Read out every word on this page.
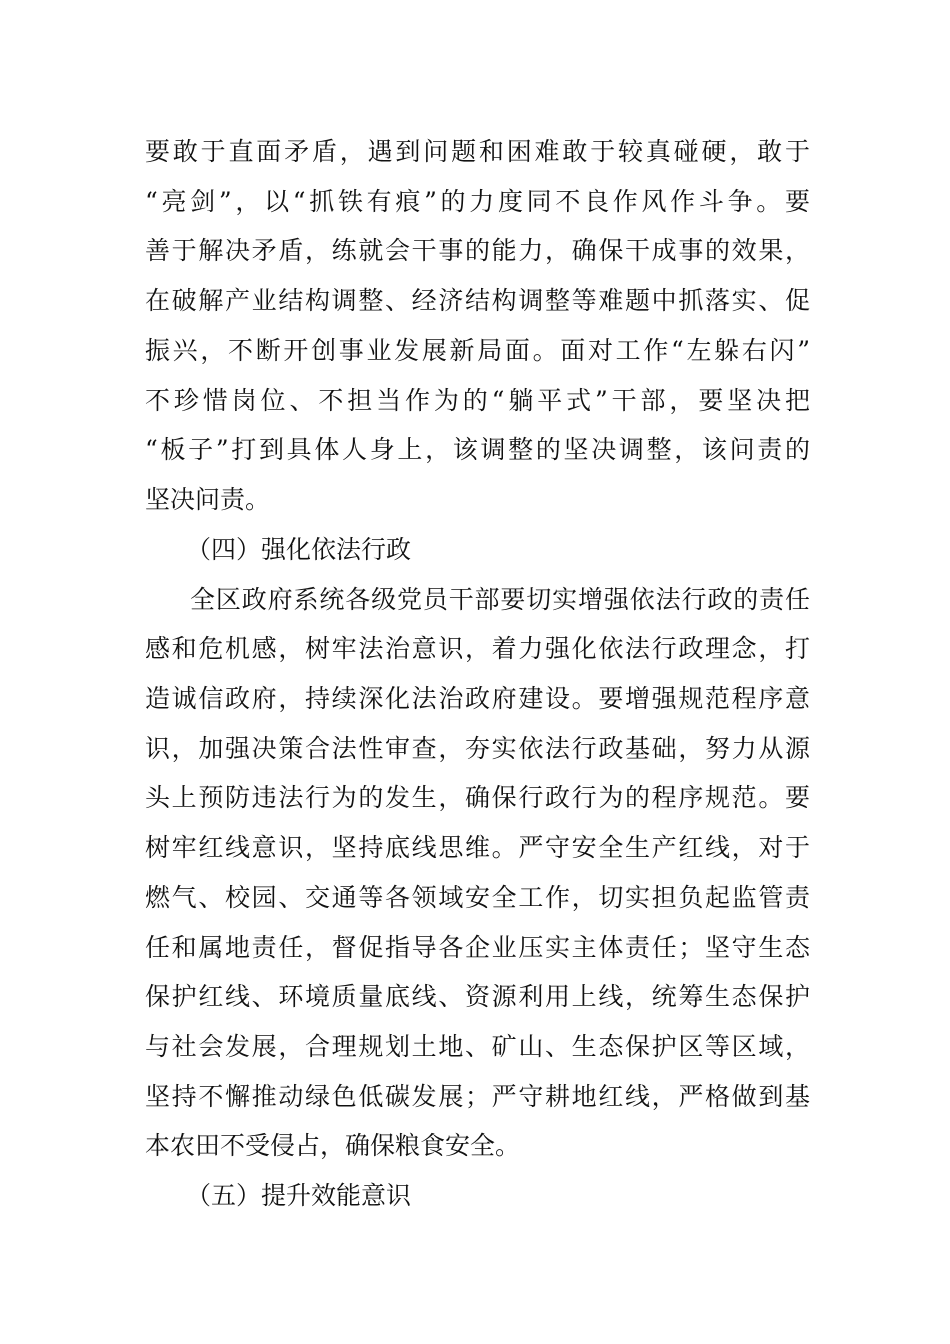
要敢于直面矛盾，遇到问题和困难敢于较真碰硬，敢于
“亮剑”，以“抓铁有痕”的力度同不良作风作斗争。要
善于解决矛盾，练就会干事的能力，确保干成事的效果，
在破解产业结构调整、经济结构调整等难题中抓落实、促
振兴，不断开创事业发展新局面。面对工作“左躲右闪”
不珍惜岗位、不担当作为的“躺平式”干部，要坚决把
“板子”打到具体人身上，该调整的坚决调整，该问责的
坚决问责。
（四）强化依法行政
全区政府系统各级党员干部要切实增强依法行政的责任
感和危机感，树牢法治意识，着力强化依法行政理念，打
造诚信政府，持续深化法治政府建设。要增强规范程序意
识，加强决策合法性审查，夯实依法行政基础，努力从源
头上预防违法行为的发生，确保行政行为的程序规范。要
树牢红线意识，坚持底线思维。严守安全生产红线，对于
燃气、校园、交通等各领域安全工作，切实担负起监管责
任和属地责任，督促指导各企业压实主体责任；坚守生态
保护红线、环境质量底线、资源利用上线，统筹生态保护
与社会发展，合理规划土地、矿山、生态保护区等区域，
坚持不懈推动绿色低碳发展；严守耕地红线，严格做到基
本农田不受侵占，确保粮食安全。
（五）提升效能意识
